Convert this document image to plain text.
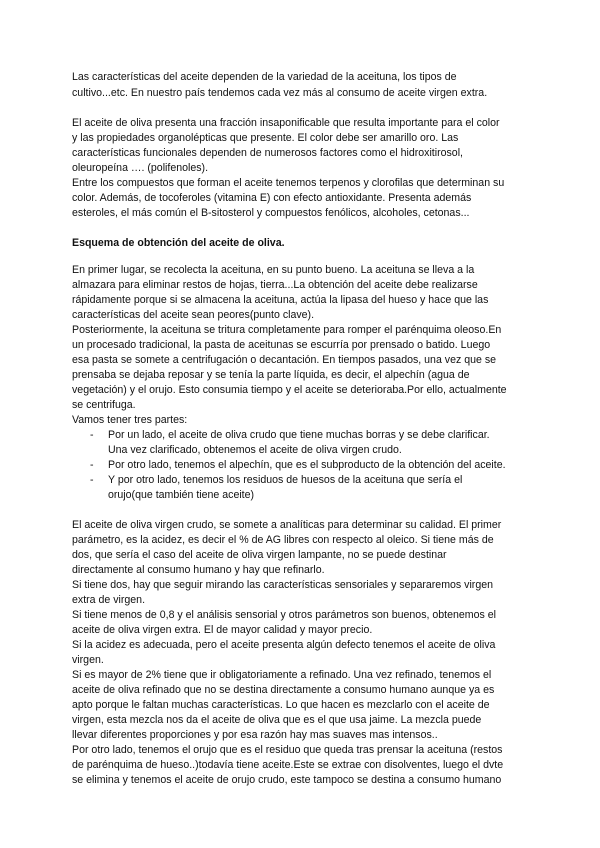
Las características del aceite dependen de la variedad de la aceituna, los tipos de
cultivo...etc. En nuestro país tendemos cada vez más al consumo de aceite virgen extra.
El aceite de oliva presenta una fracción insaponificable que resulta importante para el color
y las propiedades organolépticas que presente. El color debe ser amarillo oro. Las
características funcionales dependen de numerosos factores como el hidroxitirosol,
oleuropeína …. (polifenoles).
Entre los compuestos que forman el aceite tenemos terpenos y clorofilas que determinan su
color. Además, de tocoferoles (vitamina E) con efecto antioxidante. Presenta además
esteroles, el más común el B-sitosterol y compuestos fenólicos, alcoholes, cetonas...
Esquema de obtención del aceite de oliva.
En primer lugar, se recolecta la aceituna, en su punto bueno. La aceituna se lleva a la
almazara para eliminar restos de hojas, tierra...La obtención del aceite debe realizarse
rápidamente porque si se almacena la aceituna, actúa la lipasa del hueso y hace que las
características del aceite sean peores(punto clave).
Posteriormente, la aceituna se tritura completamente para romper el parénquima oleoso.En
un procesado tradicional, la pasta de aceitunas se escurría por prensado o batido. Luego
esa pasta se somete a centrifugación o decantación. En tiempos pasados, una vez que se
prensaba se dejaba reposar y se tenía la parte líquida, es decir, el alpechín (agua de
vegetación) y el orujo. Esto consumia tiempo y el aceite se deterioraba.Por ello, actualmente
se centrifuga.
Vamos tener tres partes:
- Por un lado, el aceite de oliva crudo que tiene muchas borras y se debe clarificar.
Una vez clarificado, obtenemos el aceite de oliva virgen crudo.
- Por otro lado, tenemos el alpechín, que es el subproducto de la obtención del aceite.
- Y por otro lado, tenemos los residuos de huesos de la aceituna que sería el
orujo(que también tiene aceite)
El aceite de oliva virgen crudo, se somete a analíticas para determinar su calidad. El primer
parámetro, es la acidez, es decir el % de AG libres con respecto al oleico. Si tiene más de
dos, que sería el caso del aceite de oliva virgen lampante, no se puede destinar
directamente al consumo humano y hay que refinarlo.
Si tiene dos, hay que seguir mirando las características sensoriales y separaremos virgen
extra de virgen.
Si tiene menos de 0,8 y el análisis sensorial y otros parámetros son buenos, obtenemos el
aceite de oliva virgen extra. El de mayor calidad y mayor precio.
Si la acidez es adecuada, pero el aceite presenta algún defecto tenemos el aceite de oliva
virgen.
Si es mayor de 2% tiene que ir obligatoriamente a refinado. Una vez refinado, tenemos el
aceite de oliva refinado que no se destina directamente a consumo humano aunque ya es
apto porque le faltan muchas características. Lo que hacen es mezclarlo con el aceite de
virgen, esta mezcla nos da el aceite de oliva que es el que usa jaime. La mezcla puede
llevar diferentes proporciones y por esa razón hay mas suaves mas intensos..
Por otro lado, tenemos el orujo que es el residuo que queda tras prensar la aceituna (restos
de parénquima de hueso..)todavía tiene aceite.Este se extrae con disolventes, luego el dvte
se elimina y tenemos el aceite de orujo crudo, este tampoco se destina a consumo humano
